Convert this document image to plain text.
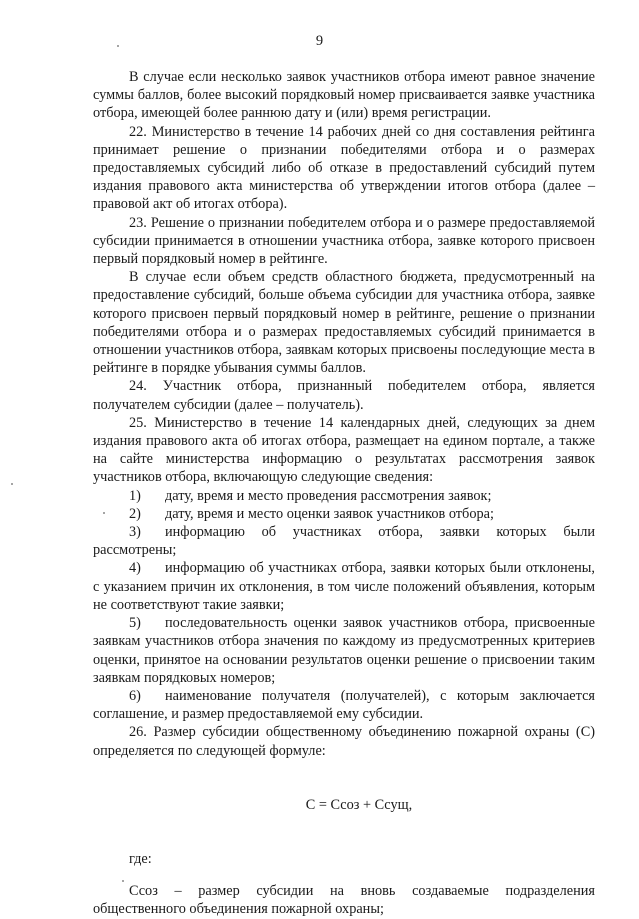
9

В случае если несколько заявок участников отбора имеют равное значение суммы баллов, более высокий порядковый номер присваивается заявке участника отбора, имеющей более раннюю дату и (или) время регистрации.

22. Министерство в течение 14 рабочих дней со дня составления рейтинга принимает решение о признании победителями отбора и о размерах предоставляемых субсидий либо об отказе в предоставлений субсидий путем издания правового акта министерства об утверждении итогов отбора (далее – правовой акт об итогах отбора).

23. Решение о признании победителем отбора и о размере предоставляемой субсидии принимается в отношении участника отбора, заявке которого присвоен первый порядковый номер в рейтинге.

В случае если объем средств областного бюджета, предусмотренный на предоставление субсидий, больше объема субсидии для участника отбора, заявке которого присвоен первый порядковый номер в рейтинге, решение о признании победителями отбора и о размерах предоставляемых субсидий принимается в отношении участников отбора, заявкам которых присвоены последующие места в рейтинге в порядке убывания суммы баллов.

24. Участник отбора, признанный победителем отбора, является получателем субсидии (далее – получатель).

25. Министерство в течение 14 календарных дней, следующих за днем издания правового акта об итогах отбора, размещает на едином портале, а также на сайте министерства информацию о результатах рассмотрения заявок участников отбора, включающую следующие сведения:

1) дату, время и место проведения рассмотрения заявок;

2) дату, время и место оценки заявок участников отбора;

3) информацию об участниках отбора, заявки которых были рассмотрены;

4) информацию об участниках отбора, заявки которых были отклонены, с указанием причин их отклонения, в том числе положений объявления, которым не соответствуют такие заявки;

5) последовательность оценки заявок участников отбора, присвоенные заявкам участников отбора значения по каждому из предусмотренных критериев оценки, принятое на основании результатов оценки решение о присвоении таким заявкам порядковых номеров;

6) наименование получателя (получателей), с которым заключается соглашение, и размер предоставляемой ему субсидии.

26. Размер субсидии общественному объединению пожарной охраны (С) определяется по следующей формуле:

С = Ссоз + Ссущ,

где:

Ссоз – размер субсидии на вновь создаваемые подразделения общественного объединения пожарной охраны;
